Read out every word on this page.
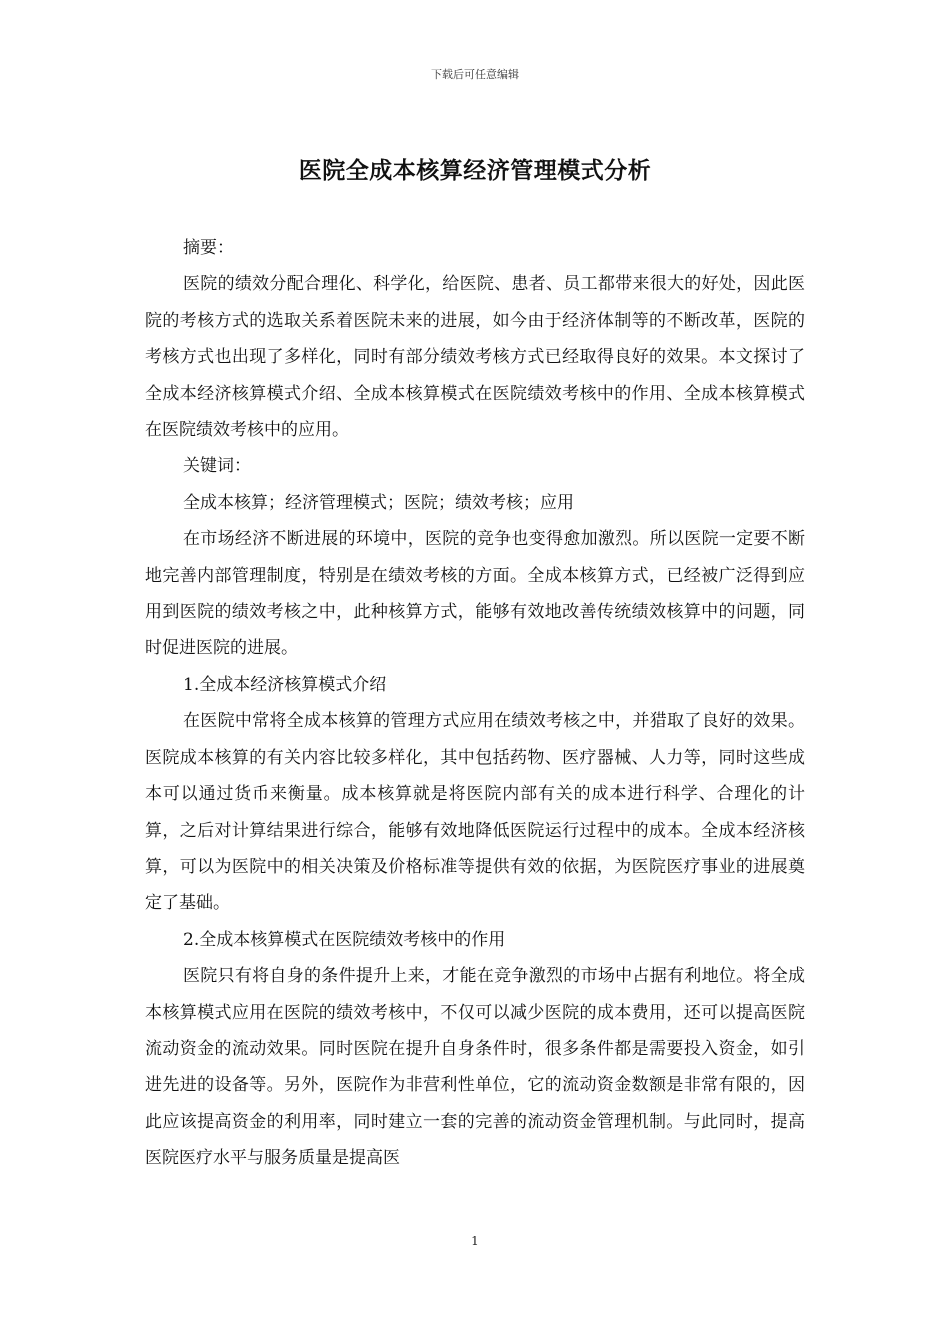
下载后可任意编辑
医院全成本核算经济管理模式分析

摘要：

医院的绩效分配合理化、科学化，给医院、患者、员工都带来很大的好处，因此医院的考核方式的选取关系着医院未来的进展，如今由于经济体制等的不断改革，医院的考核方式也出现了多样化，同时有部分绩效考核方式已经取得良好的效果。本文探讨了全成本经济核算模式介绍、全成本核算模式在医院绩效考核中的作用、全成本核算模式在医院绩效考核中的应用。

关键词：

全成本核算；经济管理模式；医院；绩效考核；应用

在市场经济不断进展的环境中，医院的竞争也变得愈加激烈。所以医院一定要不断地完善内部管理制度，特别是在绩效考核的方面。全成本核算方式，已经被广泛得到应用到医院的绩效考核之中，此种核算方式，能够有效地改善传统绩效核算中的问题，同时促进医院的进展。

1.全成本经济核算模式介绍

在医院中常将全成本核算的管理方式应用在绩效考核之中，并猎取了良好的效果。医院成本核算的有关内容比较多样化，其中包括药物、医疗器械、人力等，同时这些成本可以通过货币来衡量。成本核算就是将医院内部有关的成本进行科学、合理化的计算，之后对计算结果进行综合，能够有效地降低医院运行过程中的成本。全成本经济核算，可以为医院中的相关决策及价格标准等提供有效的依据，为医院医疗事业的进展奠定了基础。

2.全成本核算模式在医院绩效考核中的作用

医院只有将自身的条件提升上来，才能在竞争激烈的市场中占据有利地位。将全成本核算模式应用在医院的绩效考核中，不仅可以减少医院的成本费用，还可以提高医院流动资金的流动效果。同时医院在提升自身条件时，很多条件都是需要投入资金，如引进先进的设备等。另外，医院作为非营利性单位，它的流动资金数额是非常有限的，因此应该提高资金的利用率，同时建立一套的完善的流动资金管理机制。与此同时，提高医院医疗水平与服务质量是提高医

1
